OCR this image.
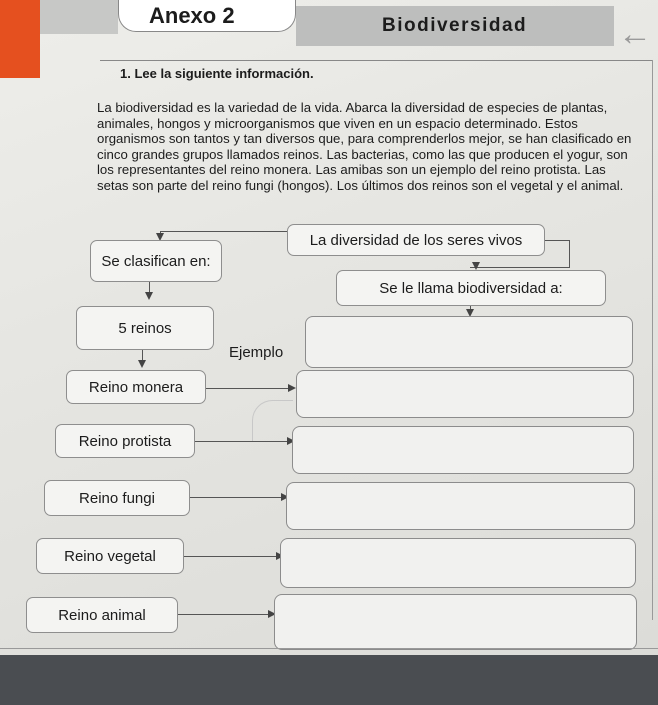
Anexo 2	Biodiversidad	←
1. Lee la siguiente información.

La biodiversidad es la variedad de la vida. Abarca la diversidad de especies de plantas, animales, hongos y microorganismos que viven en un espacio determinado. Estos organismos son tantos y tan diversos que, para comprenderlos mejor, se han clasificado en cinco grandes grupos llamados reinos. Las bacterias, como las que producen el yogur, son los representantes del reino monera. Las amibas son un ejemplo del reino protista. Las setas son parte del reino fungi (hongos). Los últimos dos reinos son el vegetal y el animal.

La diversidad de los seres vivos
Se clasifican en:
Se le llama biodiversidad a:
5 reinos
Ejemplo
Reino monera
Reino protista
Reino fungi
Reino vegetal
Reino animal
